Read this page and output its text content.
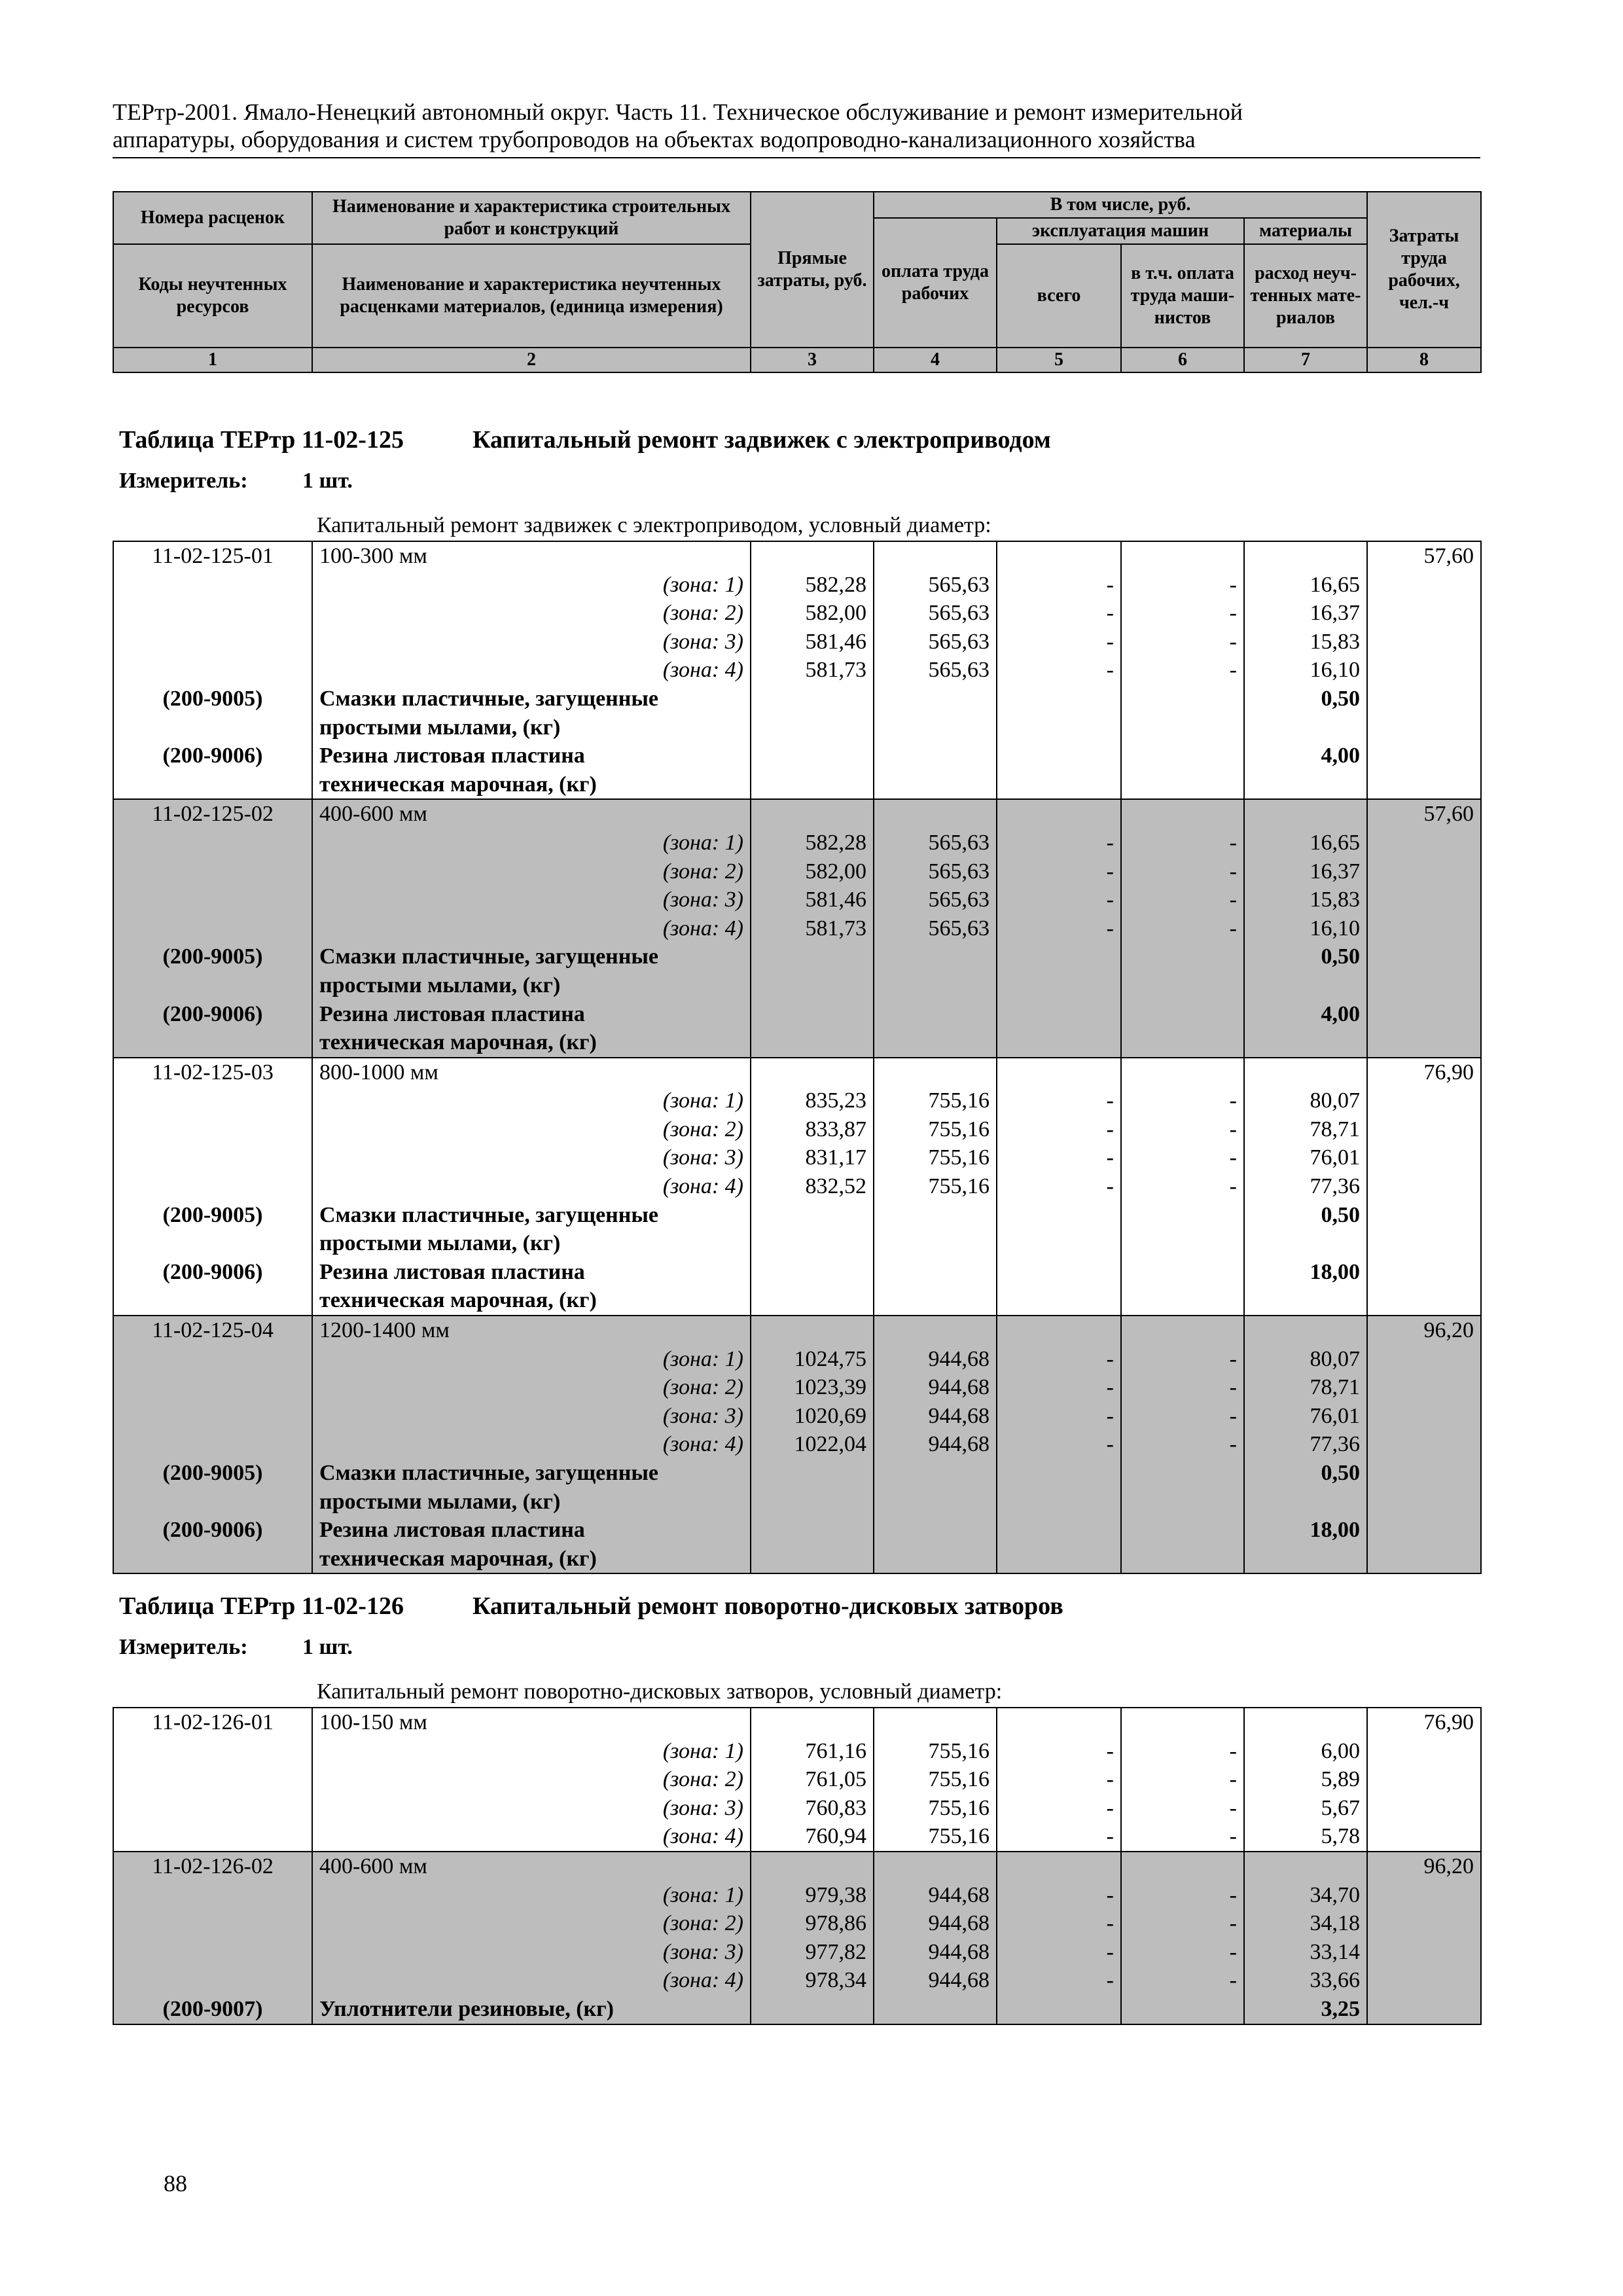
ТЕРтр-2001. Ямало-Ненецкий автономный округ. Часть 11. Техническое обслуживание и ремонт измерительной
аппаратуры, оборудования и систем трубопроводов на объектах водопроводно-канализационного хозяйства
Номера расценок	Наименование и характеристика строительных работ и конструкций	Прямые затраты, руб.	В том числе, руб.				Затраты труда рабочих, чел.-ч
			оплата труда рабочих	эксплуатация машин		материалы	
Коды неучтенных ресурсов	Наименование и характеристика неучтенных расценками материалов, (единица измерения)			всего	в т.ч. оплата труда маши-нистов	расход неуч-тенных мате-риалов	

1	2	3	4	5	6	7	8
Таблица ТЕРтр 11-02-125	Капитальный ремонт задвижек с электроприводом
Измеритель: 1 шт.
Капитальный ремонт задвижек с электроприводом, условный диаметр:
11-02-125-01	100-300 мм						57,60
	(зона: 1)	582,28	565,63	-	-	16,65	
	(зона: 2)	582,00	565,63	-	-	16,37	
	(зона: 3)	581,46	565,63	-	-	15,83	
	(зона: 4)	581,73	565,63	-	-	16,10	
(200-9005)	Смазки пластичные, загущенные					0,50	
	простыми мылами, (кг)						
(200-9006)	Резина листовая пластина					4,00	
	техническая марочная, (кг)						
11-02-125-02	400-600 мм						57,60
	(зона: 1)	582,28	565,63	-	-	16,65	
	(зона: 2)	582,00	565,63	-	-	16,37	
	(зона: 3)	581,46	565,63	-	-	15,83	
	(зона: 4)	581,73	565,63	-	-	16,10	
(200-9005)	Смазки пластичные, загущенные					0,50	
	простыми мылами, (кг)						
(200-9006)	Резина листовая пластина					4,00	
	техническая марочная, (кг)						
11-02-125-03	800-1000 мм						76,90
	(зона: 1)	835,23	755,16	-	-	80,07	
	(зона: 2)	833,87	755,16	-	-	78,71	
	(зона: 3)	831,17	755,16	-	-	76,01	
	(зона: 4)	832,52	755,16	-	-	77,36	
(200-9005)	Смазки пластичные, загущенные					0,50	
	простыми мылами, (кг)						
(200-9006)	Резина листовая пластина					18,00	
	техническая марочная, (кг)						
11-02-125-04	1200-1400 мм						96,20
	(зона: 1)	1024,75	944,68	-	-	80,07	
	(зона: 2)	1023,39	944,68	-	-	78,71	
	(зона: 3)	1020,69	944,68	-	-	76,01	
	(зона: 4)	1022,04	944,68	-	-	77,36	
(200-9005)	Смазки пластичные, загущенные					0,50	
	простыми мылами, (кг)						
(200-9006)	Резина листовая пластина					18,00	
	техническая марочная, (кг)						
Таблица ТЕРтр 11-02-126	Капитальный ремонт поворотно-дисковых затворов
Измеритель: 1 шт.
Капитальный ремонт поворотно-дисковых затворов, условный диаметр:
11-02-126-01	100-150 мм						76,90
	(зона: 1)	761,16	755,16	-	-	6,00	
	(зона: 2)	761,05	755,16	-	-	5,89	
	(зона: 3)	760,83	755,16	-	-	5,67	
	(зона: 4)	760,94	755,16	-	-	5,78	
11-02-126-02	400-600 мм						96,20
	(зона: 1)	979,38	944,68	-	-	34,70	
	(зона: 2)	978,86	944,68	-	-	34,18	
	(зона: 3)	977,82	944,68	-	-	33,14	
	(зона: 4)	978,34	944,68	-	-	33,66	
(200-9007)	Уплотнители резиновые, (кг)					3,25	
88
